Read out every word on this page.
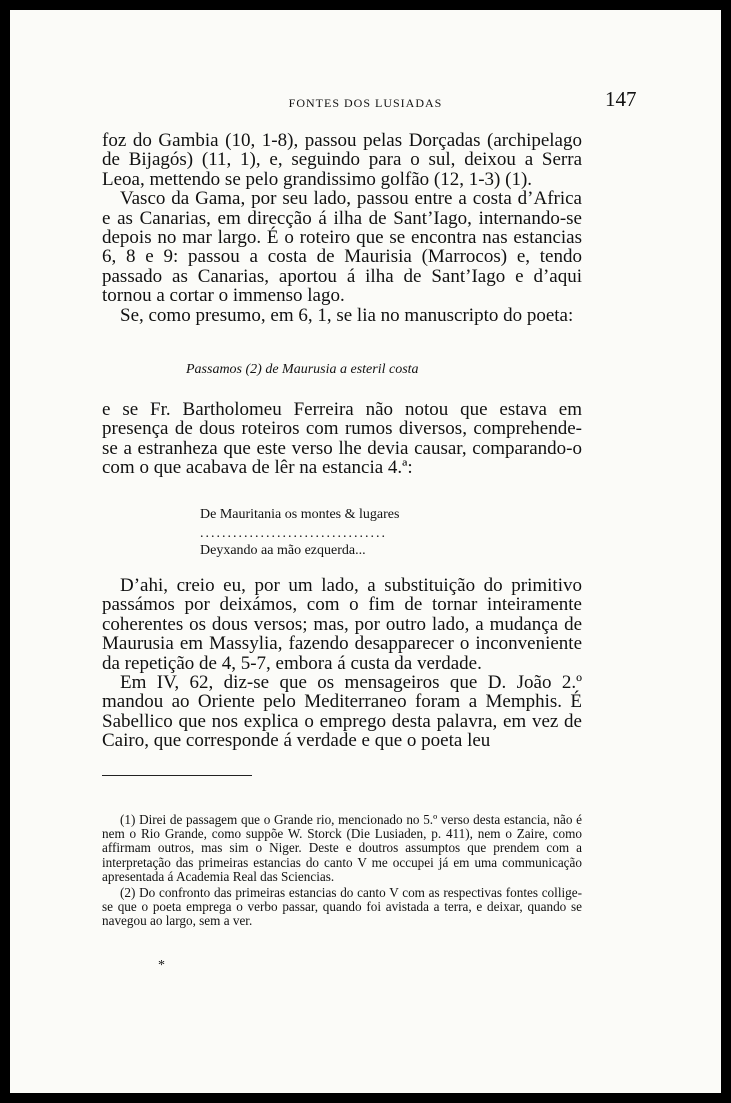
FONTES DOS LUSIADAS	147

foz do Gambia (10, 1-8), passou pelas Dorçadas (archipelago de Bijagós) (11, 1), e, seguindo para o sul, deixou a Serra Leoa, mettendo se pelo grandissimo golfão (12, 1-3) (1).

Vasco da Gama, por seu lado, passou entre a costa d’Africa e as Canarias, em direcção á ilha de Sant’Iago, internando-se depois no mar largo. É o roteiro que se encontra nas estancias 6, 8 e 9: passou a costa de Maurisia (Marrocos) e, tendo passado as Canarias, aportou á ilha de Sant’Iago e d’aqui tornou a cortar o immenso lago.

Se, como presumo, em 6, 1, se lia no manuscripto do poeta:

Passamos (2) de Maurusia a esteril costa

e se Fr. Bartholomeu Ferreira não notou que estava em presença de dous roteiros com rumos diversos, comprehende-se a estranheza que este verso lhe devia causar, comparando-o com o que acabava de lêr na estancia 4.ª:

De Mauritania os montes & lugares
..................................
Deyxando aa mão ezquerda...

D’ahi, creio eu, por um lado, a substituição do primitivo passámos por deixámos, com o fim de tornar inteiramente coherentes os dous versos; mas, por outro lado, a mudança de Maurusia em Massylia, fazendo desapparecer o inconveniente da repetição de 4, 5-7, embora á custa da verdade.

Em IV, 62, diz-se que os mensageiros que D. João 2.º mandou ao Oriente pelo Mediterraneo foram a Memphis. É Sabellico que nos explica o emprego desta palavra, em vez de Cairo, que corresponde á verdade e que o poeta leu

(1) Direi de passagem que o Grande rio, mencionado no 5.º verso desta estancia, não é nem o Rio Grande, como suppõe W. Storck (Die Lusiaden, p. 411), nem o Zaire, como affirmam outros, mas sim o Niger. Deste e doutros assumptos que prendem com a interpretação das primeiras estancias do canto V me occupei já em uma communicação apresentada á Academia Real das Sciencias.

(2) Do confronto das primeiras estancias do canto V com as respectivas fontes collige-se que o poeta emprega o verbo passar, quando foi avistada a terra, e deixar, quando se navegou ao largo, sem a ver.

*
